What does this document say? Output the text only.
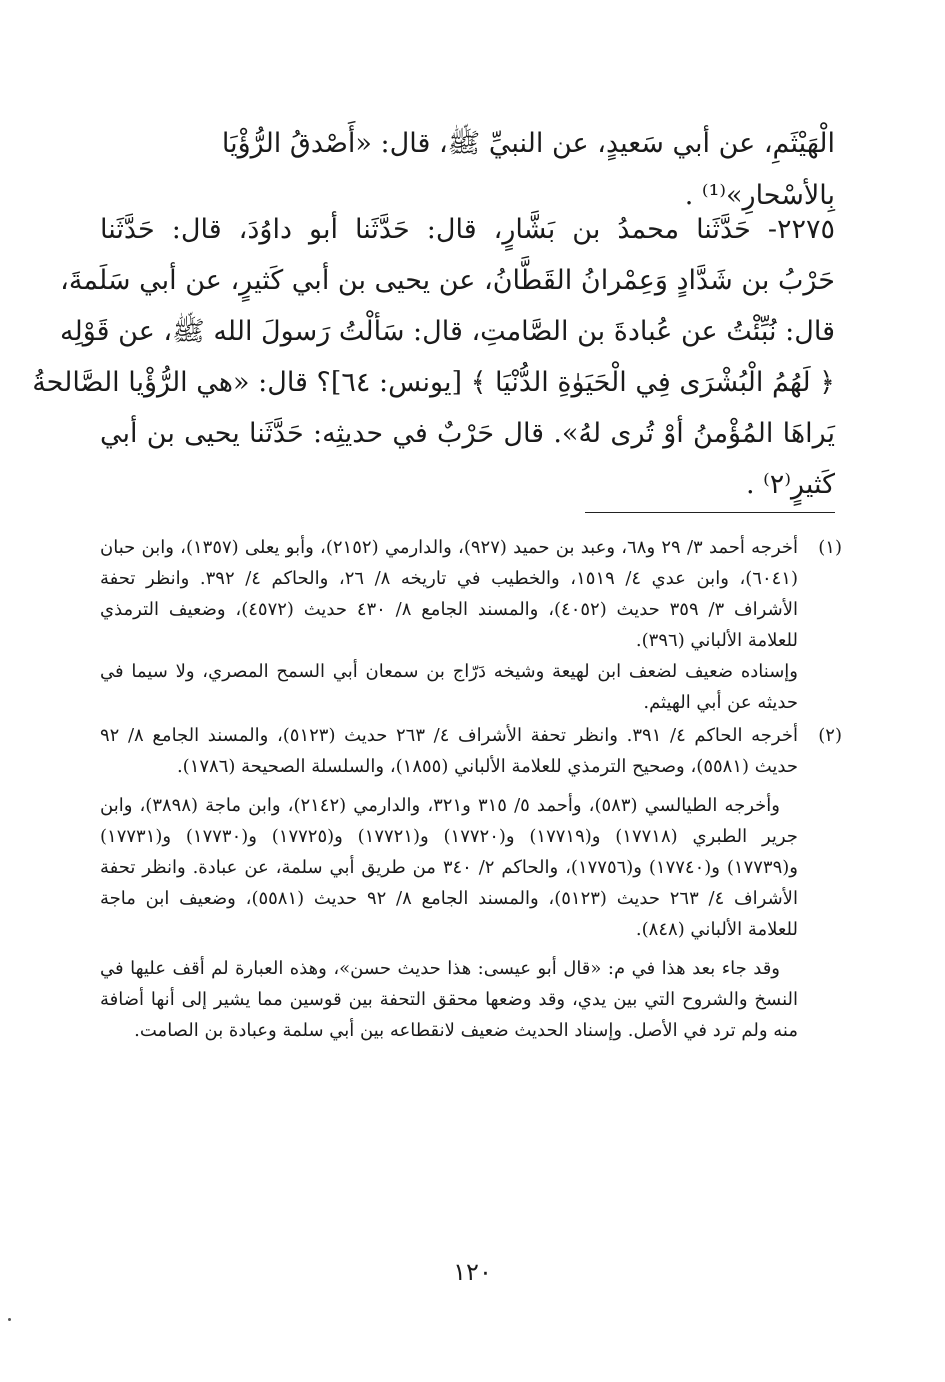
الْهَيْثَمِ، عن أبي سَعيدٍ، عن النبيِّ ﷺ، قال: «أَصْدقُ الرُّؤْيَا بِالأسْحارِ»⁽¹⁾ .
٢٢٧٥- حَدَّثَنا محمدُ بن بَشَّارٍ، قال: حَدَّثَنا أبو داوُدَ، قال: حَدَّثَنا
حَرْبُ بن شَدَّادٍ وَعِمْرانُ القَطَّانُ، عن يحيى بن أبي كَثيرٍ، عن أبي سَلَمةَ،
قال: نُبِّئْتُ عن عُبادةَ بن الصَّامتِ، قال: سَألْتُ رَسولَ الله ﷺ، عن قَوْلِه
﴿ لَهُمُ الْبُشْرَى فِي الْحَيَوٰةِ الدُّنْيَا ﴾ [يونس: ٦٤]؟ قال: «هي الرُّؤْيا الصَّالحةُ
يَراهَا المُؤْمنُ أوْ تُرى لهُ». قال حَرْبٌ في حديثِه: حَدَّثَنا يحيى بن أبي
كَثيرٍ⁽٢⁾ .
(١)
أخرجه أحمد ٣/ ٢٩ و٦٨، وعبد بن حميد (٩٢٧)، والدارمي (٢١٥٢)، وأبو يعلى (١٣٥٧)، وابن حبان (٦٠٤١)، وابن عدي ٤/ ١٥١٩، والخطيب في تاريخه ٨/ ٢٦، والحاكم ٤/ ٣٩٢. وانظر تحفة الأشراف ٣/ ٣٥٩ حديث (٤٠٥٢)، والمسند الجامع ٨/ ٤٣٠ حديث (٤٥٧٢)، وضعيف الترمذي للعلامة الألباني (٣٩٦).
وإسناده ضعيف لضعف ابن لهيعة وشيخه دَرّاج بن سمعان أبي السمح المصري، ولا سيما في حديثه عن أبي الهيثم.
(٢)
أخرجه الحاكم ٤/ ٣٩١. وانظر تحفة الأشراف ٤/ ٢٦٣ حديث (٥١٢٣)، والمسند الجامع ٨/ ٩٢ حديث (٥٥٨١)، وصحيح الترمذي للعلامة الألباني (١٨٥٥)، والسلسلة الصحيحة (١٧٨٦).
وأخرجه الطيالسي (٥٨٣)، وأحمد ٥/ ٣١٥ و٣٢١، والدارمي (٢١٤٢)، وابن ماجة (٣٨٩٨)، وابن جرير الطبري (١٧٧١٨) و(١٧٧١٩) و(١٧٧٢٠) و(١٧٧٢١) و(١٧٧٢٥) و(١٧٧٣٠) و(١٧٧٣١) و(١٧٧٣٩) و(١٧٧٤٠) و(١٧٧٥٦)، والحاكم ٢/ ٣٤٠ من طريق أبي سلمة، عن عبادة. وانظر تحفة الأشراف ٤/ ٢٦٣ حديث (٥١٢٣)، والمسند الجامع ٨/ ٩٢ حديث (٥٥٨١)، وضعيف ابن ماجة للعلامة الألباني (٨٤٨).
وقد جاء بعد هذا في م: «قال أبو عيسى: هذا حديث حسن»، وهذه العبارة لم أقف عليها في النسخ والشروح التي بين يدي، وقد وضعها محقق التحفة بين قوسين مما يشير إلى أنها أضافة منه ولم ترد في الأصل. وإسناد الحديث ضعيف لانقطاعه بين أبي سلمة وعبادة بن الصامت.
١٢٠
